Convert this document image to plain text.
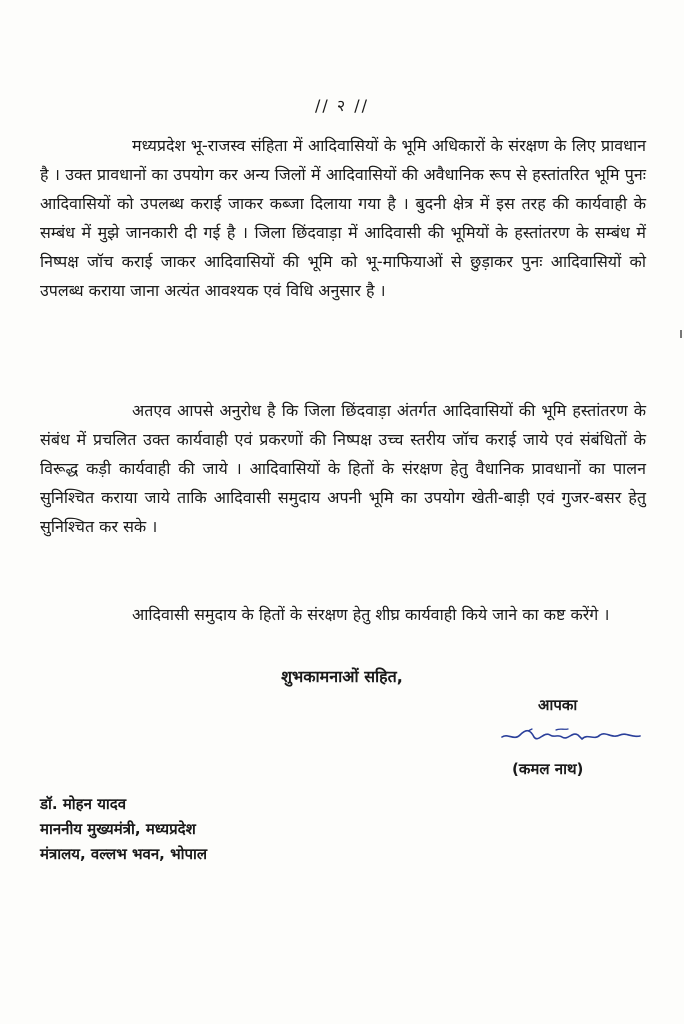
// २ //

मध्यप्रदेश भू-राजस्व संहिता में आदिवासियों के भूमि अधिकारों के संरक्षण के लिए प्रावधान है । उक्त प्रावधानों का उपयोग कर अन्य जिलों में आदिवासियों की अवैधानिक रूप से हस्तांतरित भूमि पुनः आदिवासियों को उपलब्ध कराई जाकर कब्जा दिलाया गया है । बुदनी क्षेत्र में इस तरह की कार्यवाही के सम्बंध में मुझे जानकारी दी गई है । जिला छिंदवाड़ा में आदिवासी की भूमियों के हस्तांतरण के सम्बंध में निष्पक्ष जॉच कराई जाकर आदिवासियों की भूमि को भू-माफियाओं से छुड़ाकर पुनः आदिवासियों को उपलब्ध कराया जाना अत्यंत आवश्यक एवं विधि अनुसार है ।

अतएव आपसे अनुरोध है कि जिला छिंदवाड़ा अंतर्गत आदिवासियों की भूमि हस्तांतरण के संबंध में प्रचलित उक्त कार्यवाही एवं प्रकरणों की निष्पक्ष उच्च स्तरीय जॉच कराई जाये एवं संबंधितों के विरूद्ध कड़ी कार्यवाही की जाये । आदिवासियों के हितों के संरक्षण हेतु वैधानिक प्रावधानों का पालन सुनिश्चित कराया जाये ताकि आदिवासी समुदाय अपनी भूमि का उपयोग खेती-बाड़ी एवं गुजर-बसर हेतु सुनिश्चित कर सके ।

आदिवासी समुदाय के हितों के संरक्षण हेतु शीघ्र कार्यवाही किये जाने का कष्ट करेंगे ।

शुभकामनाओं सहित,
आपका
(कमल नाथ)
डॉ. मोहन यादव
माननीय मुख्यमंत्री, मध्यप्रदेश
मंत्रालय, वल्लभ भवन, भोपाल
